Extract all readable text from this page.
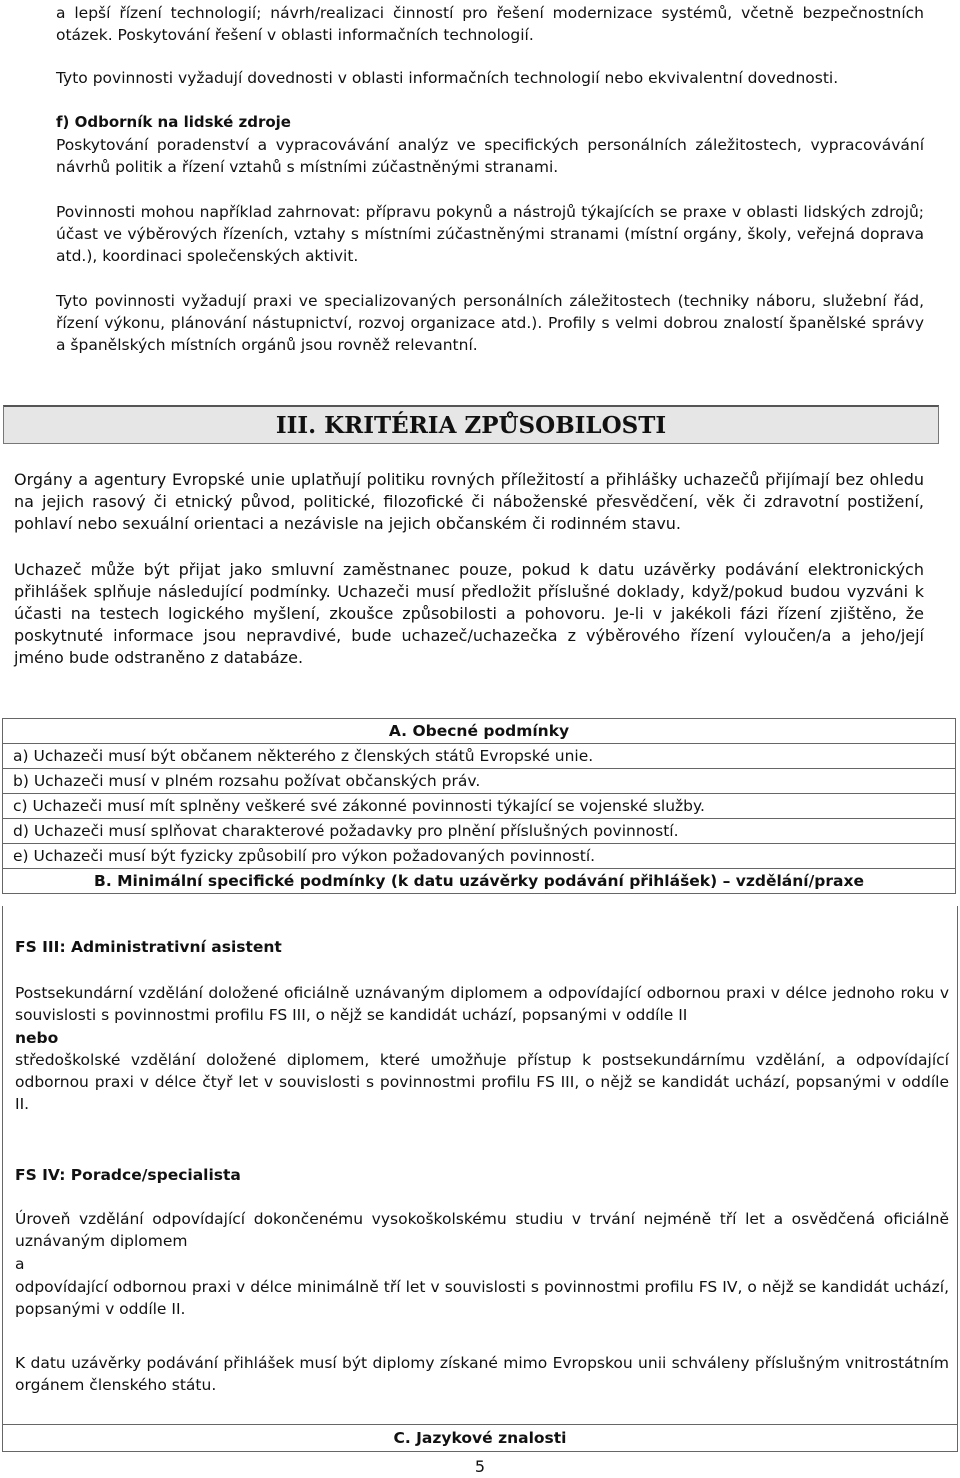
a lepší řízení technologií; návrh/realizaci činností pro řešení modernizace systémů, včetně bezpečnostních otázek. Poskytování řešení v oblasti informačních technologií.

Tyto povinnosti vyžadují dovednosti v oblasti informačních technologií nebo ekvivalentní dovednosti.

f) Odborník na lidské zdroje

Poskytování poradenství a vypracovávání analýz ve specifických personálních záležitostech, vypracovávání návrhů politik a řízení vztahů s místními zúčastněnými stranami.

Povinnosti mohou například zahrnovat: přípravu pokynů a nástrojů týkajících se praxe v oblasti lidských zdrojů; účast ve výběrových řízeních, vztahy s místními zúčastněnými stranami (místní orgány, školy, veřejná doprava atd.), koordinaci společenských aktivit.

Tyto povinnosti vyžadují praxi ve specializovaných personálních záležitostech (techniky náboru, služební řád, řízení výkonu, plánování nástupnictví, rozvoj organizace atd.). Profily s velmi dobrou znalostí španělské správy a španělských místních orgánů jsou rovněž relevantní.

III. KRITÉRIA ZPŮSOBILOSTI

Orgány a agentury Evropské unie uplatňují politiku rovných příležitostí a přihlášky uchazečů přijímají bez ohledu na jejich rasový či etnický původ, politické, filozofické či náboženské přesvědčení, věk či zdravotní postižení, pohlaví nebo sexuální orientaci a nezávisle na jejich občanském či rodinném stavu.

Uchazeč může být přijat jako smluvní zaměstnanec pouze, pokud k datu uzávěrky podávání elektronických přihlášek splňuje následující podmínky. Uchazeči musí předložit příslušné doklady, když/pokud budou vyzváni k účasti na testech logického myšlení, zkoušce způsobilosti a pohovoru. Je-li v jakékoli fázi řízení zjištěno, že poskytnuté informace jsou nepravdivé, bude uchazeč/uchazečka z výběrového řízení vyloučen/a a jeho/její jméno bude odstraněno z databáze.

A. Obecné podmínky
a) Uchazeči musí být občanem některého z členských států Evropské unie.
b) Uchazeči musí v plném rozsahu požívat občanských práv.
c) Uchazeči musí mít splněny veškeré své zákonné povinnosti týkající se vojenské služby.
d) Uchazeči musí splňovat charakterové požadavky pro plnění příslušných povinností.
e) Uchazeči musí být fyzicky způsobilí pro výkon požadovaných povinností.
B. Minimální specifické podmínky (k datu uzávěrky podávání přihlášek) – vzdělání/praxe
FS III: Administrativní asistent
Postsekundární vzdělání doložené oficiálně uznávaným diplomem a odpovídající odbornou praxi v délce jednoho roku v souvislosti s povinnostmi profilu FS III, o nějž se kandidát uchází, popsanými v oddíle II
nebo
středoškolské vzdělání doložené diplomem, které umožňuje přístup k postsekundárnímu vzdělání, a odpovídající odbornou praxi v délce čtyř let v souvislosti s povinnostmi profilu FS III, o nějž se kandidát uchází, popsanými v oddíle II.
FS IV: Poradce/specialista
Úroveň vzdělání odpovídající dokončenému vysokoškolskému studiu v trvání nejméně tří let a osvědčená oficiálně uznávaným diplomem
a
odpovídající odbornou praxi v délce minimálně tří let v souvislosti s povinnostmi profilu FS IV, o nějž se kandidát uchází, popsanými v oddíle II.
K datu uzávěrky podávání přihlášek musí být diplomy získané mimo Evropskou unii schváleny příslušným vnitrostátním orgánem členského státu.
C. Jazykové znalosti
5
